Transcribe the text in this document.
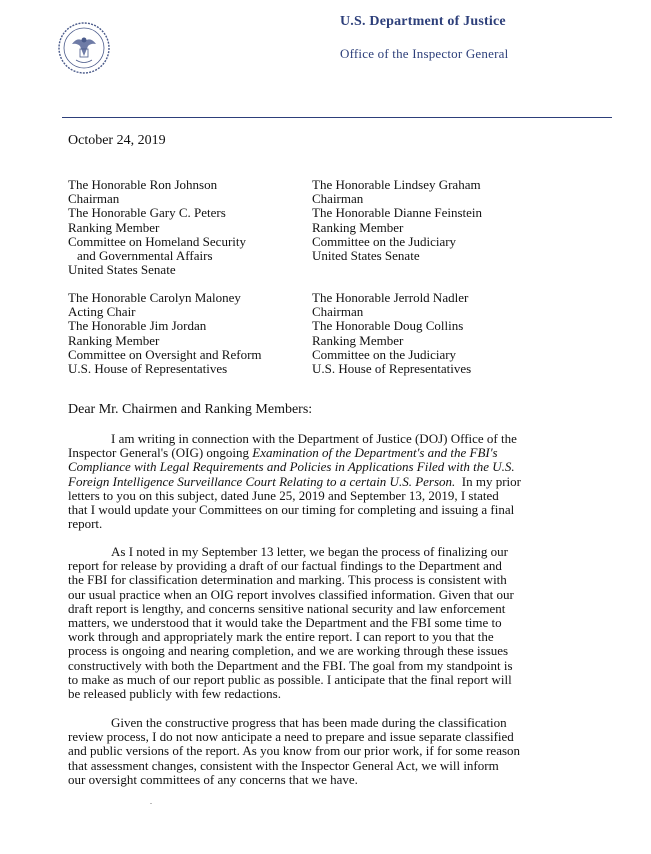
U.S. Department of Justice
Office of the Inspector General
October 24, 2019
The Honorable Ron Johnson
Chairman
The Honorable Gary C. Peters
Ranking Member
Committee on Homeland Security
and Governmental Affairs
United States Senate
The Honorable Lindsey Graham
Chairman
The Honorable Dianne Feinstein
Ranking Member
Committee on the Judiciary
United States Senate
The Honorable Carolyn Maloney
Acting Chair
The Honorable Jim Jordan
Ranking Member
Committee on Oversight and Reform
U.S. House of Representatives
The Honorable Jerrold Nadler
Chairman
The Honorable Doug Collins
Ranking Member
Committee on the Judiciary
U.S. House of Representatives
Dear Mr. Chairmen and Ranking Members:

I am writing in connection with the Department of Justice (DOJ) Office of the

Inspector General's (OIG) ongoing Examination of the Department's and the FBI's

Compliance with Legal Requirements and Policies in Applications Filed with the U.S.

Foreign Intelligence Surveillance Court Relating to a certain U.S. Person.  In my prior

letters to you on this subject, dated June 25, 2019 and September 13, 2019, I stated

that I would update your Committees on our timing for completing and issuing a final

report.

As I noted in my September 13 letter, we began the process of finalizing our

report for release by providing a draft of our factual findings to the Department and

the FBI for classification determination and marking. This process is consistent with

our usual practice when an OIG report involves classified information. Given that our

draft report is lengthy, and concerns sensitive national security and law enforcement

matters, we understood that it would take the Department and the FBI some time to

work through and appropriately mark the entire report. I can report to you that the

process is ongoing and nearing completion, and we are working through these issues

constructively with both the Department and the FBI. The goal from my standpoint is

to make as much of our report public as possible. I anticipate that the final report will

be released publicly with few redactions.

Given the constructive progress that has been made during the classification

review process, I do not now anticipate a need to prepare and issue separate classified

and public versions of the report. As you know from our prior work, if for some reason

that assessment changes, consistent with the Inspector General Act, we will inform

our oversight committees of any concerns that we have.
